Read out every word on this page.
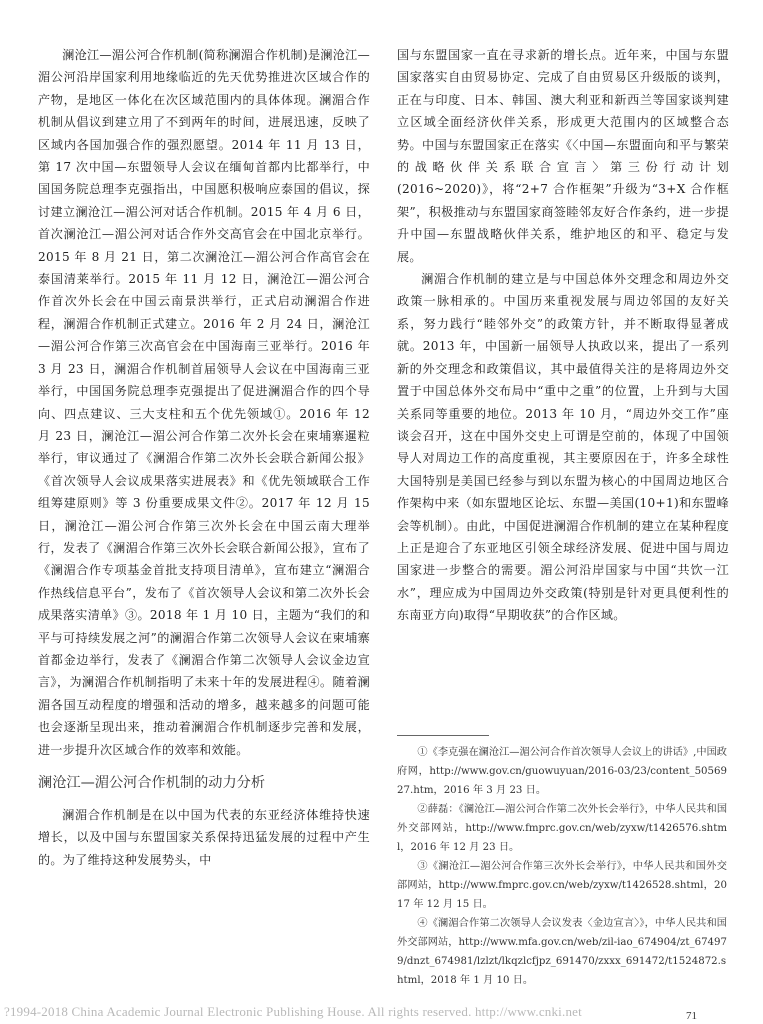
澜沧江—湄公河合作机制(简称澜湄合作机制)是澜沧江—湄公河沿岸国家利用地缘临近的先天优势推进次区域合作的产物，是地区一体化在次区域范围内的具体体现。澜湄合作机制从倡议到建立用了不到两年的时间，进展迅速，反映了区域内各国加强合作的强烈愿望。2014 年 11 月 13 日，第 17 次中国—东盟领导人会议在缅甸首都内比都举行，中国国务院总理李克强指出，中国愿积极响应泰国的倡议，探讨建立澜沧江—湄公河对话合作机制。2015 年 4 月 6 日，首次澜沧江—湄公河对话合作外交高官会在中国北京举行。2015 年 8 月 21 日，第二次澜沧江—湄公河合作高官会在泰国清莱举行。2015 年 11 月 12 日，澜沧江—湄公河合作首次外长会在中国云南景洪举行，正式启动澜湄合作进程，澜湄合作机制正式建立。2016 年 2 月 24 日，澜沧江—湄公河合作第三次高官会在中国海南三亚举行。2016 年 3 月 23 日，澜湄合作机制首届领导人会议在中国海南三亚举行，中国国务院总理李克强提出了促进澜湄合作的四个导向、四点建议、三大支柱和五个优先领域①。2016 年 12 月 23 日，澜沧江—湄公河合作第二次外长会在柬埔寨暹粒举行，审议通过了《澜湄合作第二次外长会联合新闻公报》《首次领导人会议成果落实进展表》和《优先领域联合工作组筹建原则》等 3 份重要成果文件②。2017 年 12 月 15 日，澜沧江—湄公河合作第三次外长会在中国云南大理举行，发表了《澜湄合作第三次外长会联合新闻公报》，宣布了《澜湄合作专项基金首批支持项目清单》，宣布建立“澜湄合作热线信息平台”，发布了《首次领导人会议和第二次外长会成果落实清单》③。2018 年 1 月 10 日，主题为“我们的和平与可持续发展之河”的澜湄合作第二次领导人会议在柬埔寨首都金边举行，发表了《澜湄合作第二次领导人会议金边宣言》，为澜湄合作机制指明了未来十年的发展进程④。随着澜湄各国互动程度的增强和活动的增多，越来越多的问题可能也会逐渐呈现出来，推动着澜湄合作机制逐步完善和发展，进一步提升次区域合作的效率和效能。

澜沧江—湄公河合作机制的动力分析

澜湄合作机制是在以中国为代表的东亚经济体维持快速增长，以及中国与东盟国家关系保持迅猛发展的过程中产生的。为了维持这种发展势头，中

国与东盟国家一直在寻求新的增长点。近年来，中国与东盟国家落实自由贸易协定、完成了自由贸易区升级版的谈判，正在与印度、日本、韩国、澳大利亚和新西兰等国家谈判建立区域全面经济伙伴关系，形成更大范围内的区域整合态势。中国与东盟国家正在落实《〈中国—东盟面向和平与繁荣的战略伙伴关系联合宣言〉第三份行动计划(2016~2020)》，将“2+7 合作框架”升级为“3+X 合作框架”，积极推动与东盟国家商签睦邻友好合作条约，进一步提升中国—东盟战略伙伴关系，维护地区的和平、稳定与发展。

澜湄合作机制的建立是与中国总体外交理念和周边外交政策一脉相承的。中国历来重视发展与周边邻国的友好关系，努力践行“睦邻外交”的政策方针，并不断取得显著成就。2013 年，中国新一届领导人执政以来，提出了一系列新的外交理念和政策倡议，其中最值得关注的是将周边外交置于中国总体外交布局中“重中之重”的位置，上升到与大国关系同等重要的地位。2013 年 10 月，“周边外交工作”座谈会召开，这在中国外交史上可谓是空前的，体现了中国领导人对周边工作的高度重视，其主要原因在于，许多全球性大国特别是美国已经参与到以东盟为核心的中国周边地区合作架构中来（如东盟地区论坛、东盟—美国(10+1)和东盟峰会等机制）。由此，中国促进澜湄合作机制的建立在某种程度上正是迎合了东亚地区引领全球经济发展、促进中国与周边国家进一步整合的需要。湄公河沿岸国家与中国“共饮一江水”，理应成为中国周边外交政策(特别是针对更具便利性的东南亚方向)取得“早期收获”的合作区域。

①《李克强在澜沧江—湄公河合作首次领导人会议上的讲话》,中国政府网，http://www.gov.cn/guowuyuan/2016-03/23/content_5056927.htm，2016 年 3 月 23 日。

②薛磊：《澜沧江—湄公河合作第二次外长会举行》，中华人民共和国外交部网站，http://www.fmprc.gov.cn/web/zyxw/t1426576.shtml，2016 年 12 月 23 日。

③《澜沧江—湄公河合作第三次外长会举行》，中华人民共和国外交部网站，http://www.fmprc.gov.cn/web/zyxw/t1426528.shtml，2017 年 12 月 15 日。

④《澜湄合作第二次领导人会议发表〈金边宣言〉》，中华人民共和国外交部网站，http://www.mfa.gov.cn/web/zil-iao_674904/zt_674979/dnzt_674981/lzlzt/lkqzlcfjpz_691470/zxxx_691472/t1524872.shtml，2018 年 1 月 10 日。

?1994-2018 China Academic Journal Electronic Publishing House. All rights reserved. http://www.cnki.net	71
